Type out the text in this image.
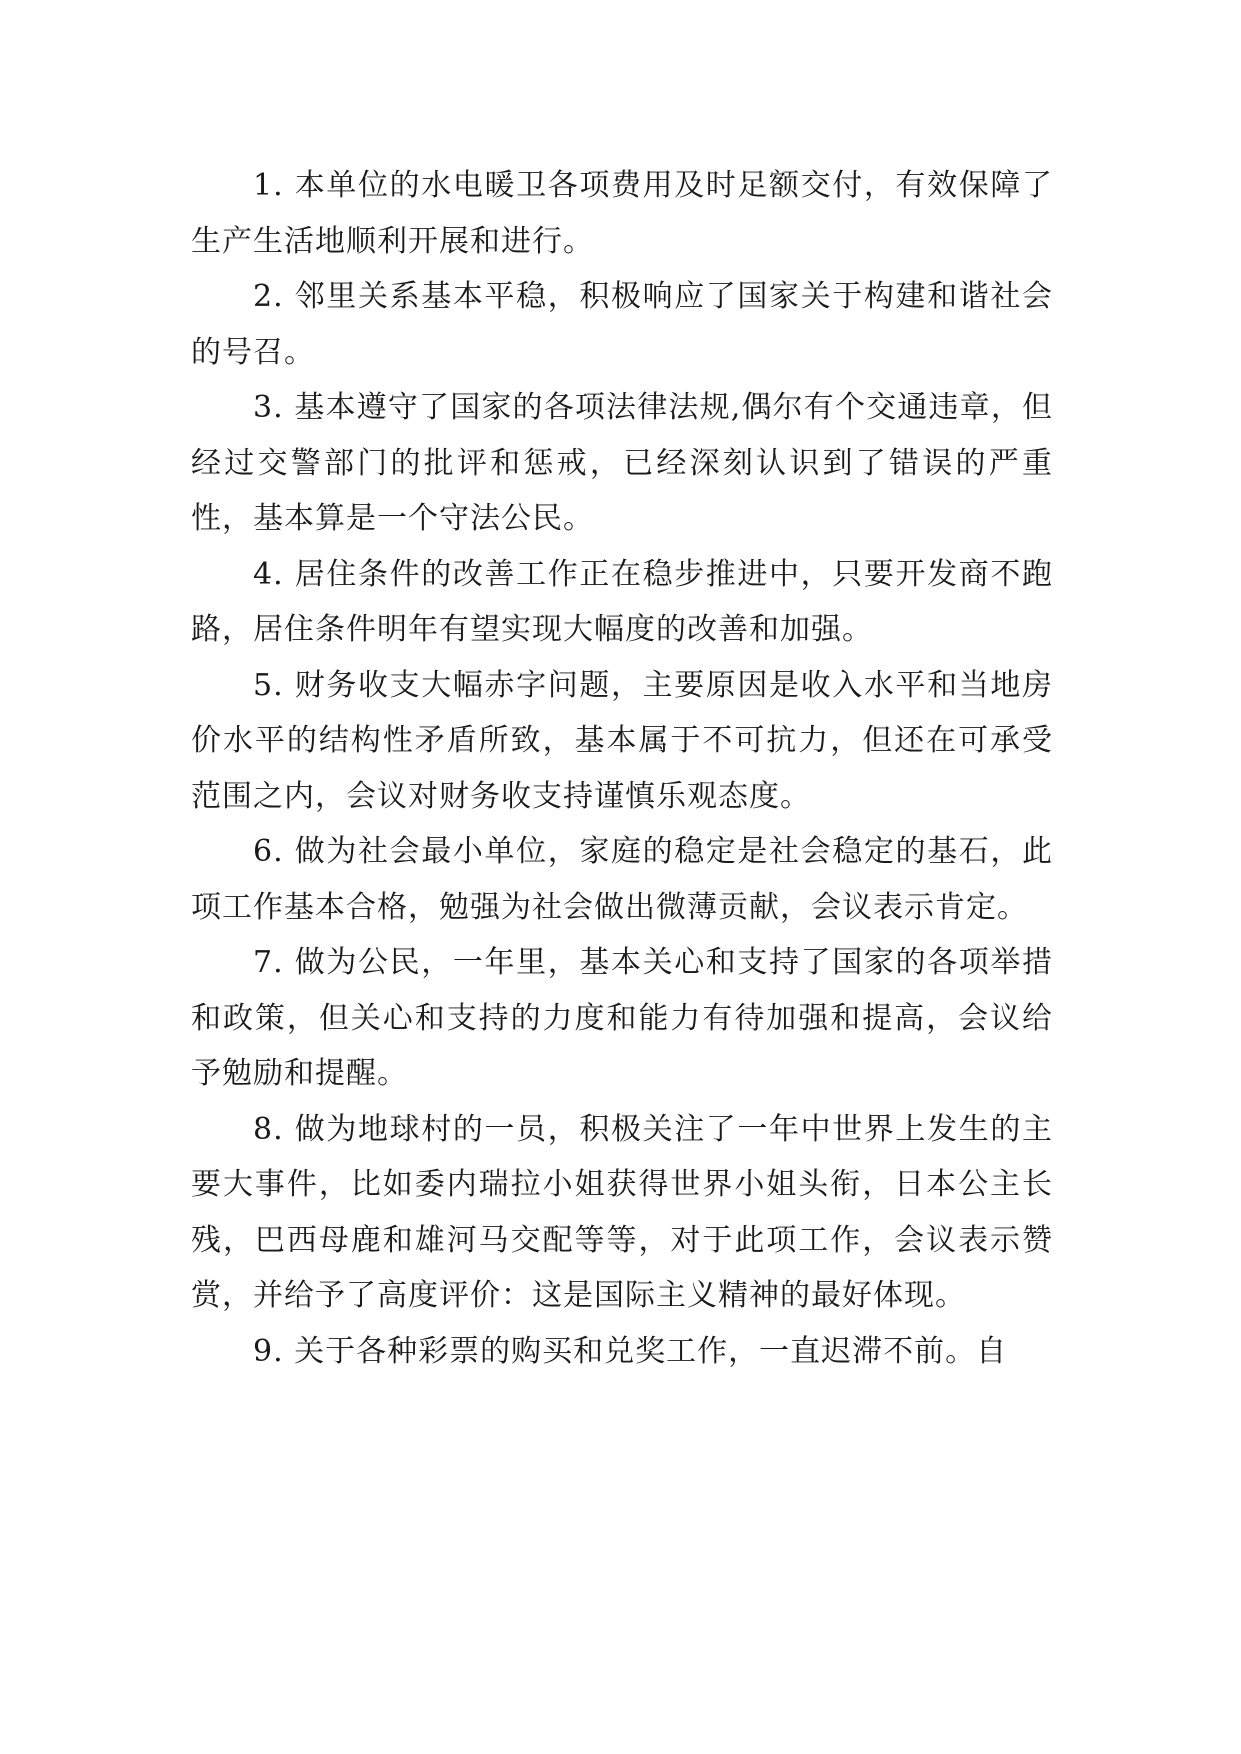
1. 本单位的水电暖卫各项费用及时足额交付，有效保障了生产生活地顺利开展和进行。

2. 邻里关系基本平稳，积极响应了国家关于构建和谐社会的号召。

3. 基本遵守了国家的各项法律法规,偶尔有个交通违章，但经过交警部门的批评和惩戒，已经深刻认识到了错误的严重性，基本算是一个守法公民。

4. 居住条件的改善工作正在稳步推进中，只要开发商不跑路，居住条件明年有望实现大幅度的改善和加强。

5. 财务收支大幅赤字问题，主要原因是收入水平和当地房价水平的结构性矛盾所致，基本属于不可抗力，但还在可承受范围之内，会议对财务收支持谨慎乐观态度。

6. 做为社会最小单位，家庭的稳定是社会稳定的基石，此项工作基本合格，勉强为社会做出微薄贡献，会议表示肯定。

7. 做为公民，一年里，基本关心和支持了国家的各项举措和政策，但关心和支持的力度和能力有待加强和提高，会议给予勉励和提醒。

8. 做为地球村的一员，积极关注了一年中世界上发生的主要大事件，比如委内瑞拉小姐获得世界小姐头衔，日本公主长残，巴西母鹿和雄河马交配等等，对于此项工作，会议表示赞赏，并给予了高度评价：这是国际主义精神的最好体现。

9. 关于各种彩票的购买和兑奖工作，一直迟滞不前。自
